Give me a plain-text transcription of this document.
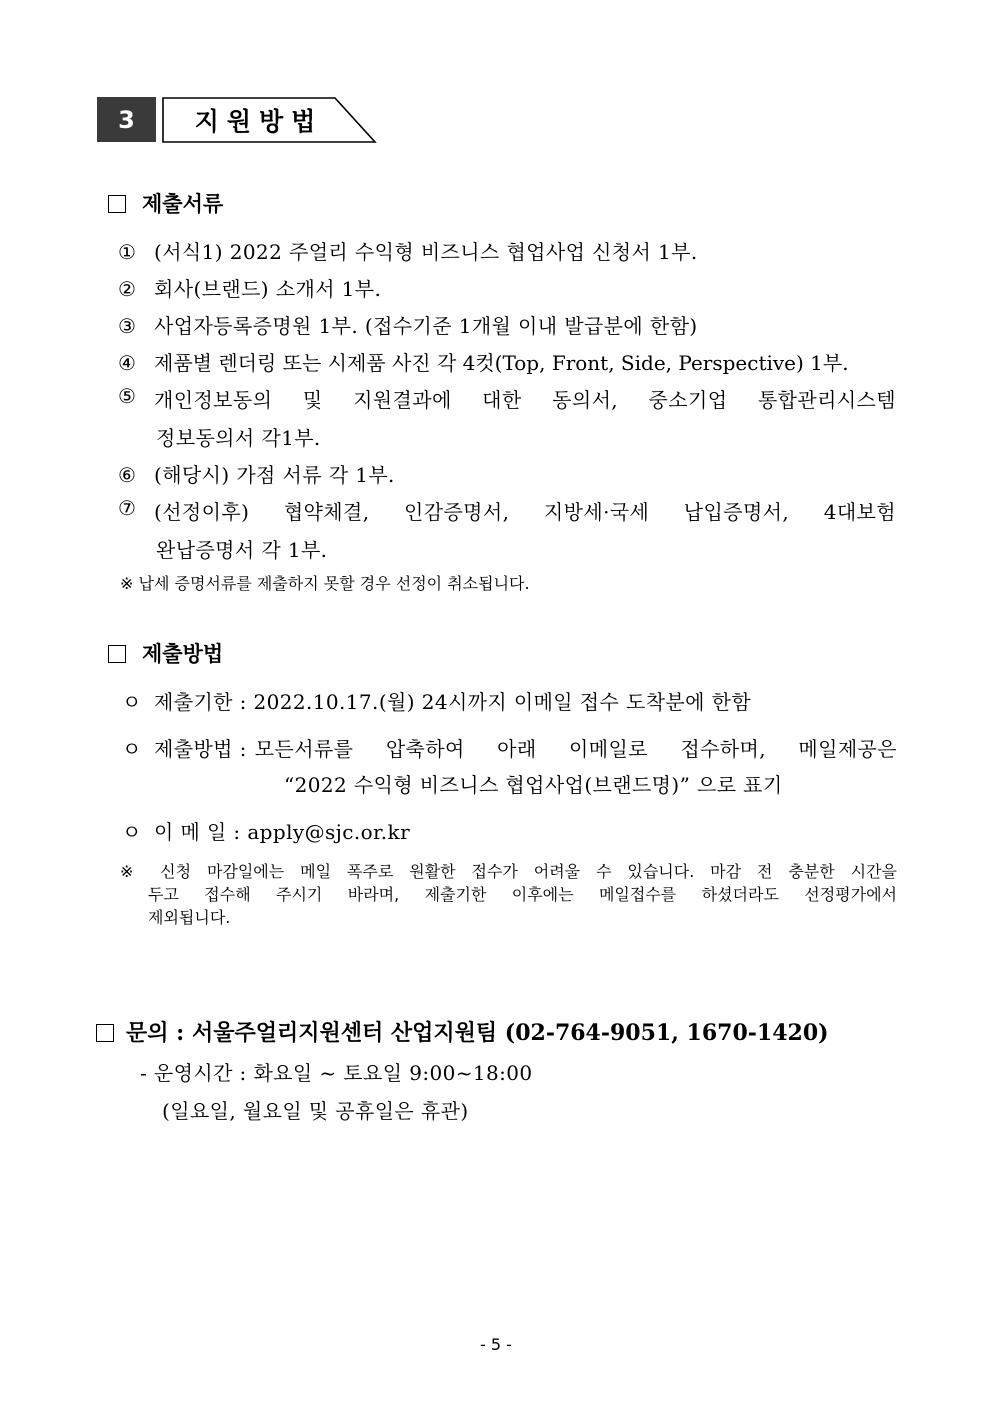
3	지원방법
제출서류
① (서식1) 2022 주얼리 수익형 비즈니스 협업사업 신청서 1부.
② 회사(브랜드) 소개서 1부.
③ 사업자등록증명원 1부. (접수기준 1개월 이내 발급분에 한함)
④ 제품별 렌더링 또는 시제품 사진 각 4컷(Top, Front, Side, Perspective) 1부.
⑤ 개인정보동의 및 지원결과에 대한 동의서, 중소기업 통합관리시스템
정보동의서 각1부.
⑥ (해당시) 가점 서류 각 1부.
⑦ (선정이후) 협약체결, 인감증명서, 지방세·국세 납입증명서, 4대보험
완납증명서 각 1부.
※ 납세 증명서류를 제출하지 못할 경우 선정이 취소됩니다.
제출방법
ㅇ 제출기한 : 2022.10.17.(월) 24시까지 이메일 접수 도착분에 한함
ㅇ 제출방법 : 모든서류를 압축하여 아래 이메일로 접수하며, 메일제공은
“2022 수익형 비즈니스 협업사업(브랜드명)” 으로 표기
ㅇ 이 메 일 : apply@sjc.or.kr
※ 신청 마감일에는 메일 폭주로 원활한 접수가 어려울 수 있습니다. 마감 전 충분한 시간을
두고 접수해 주시기 바라며, 제출기한 이후에는 메일접수를 하셨더라도 선정평가에서
제외됩니다.
문의 : 서울주얼리지원센터 산업지원팀 (02-764-9051, 1670-1420)
- 운영시간 : 화요일 ~ 토요일 9:00~18:00
(일요일, 월요일 및 공휴일은 휴관)
- 5 -
